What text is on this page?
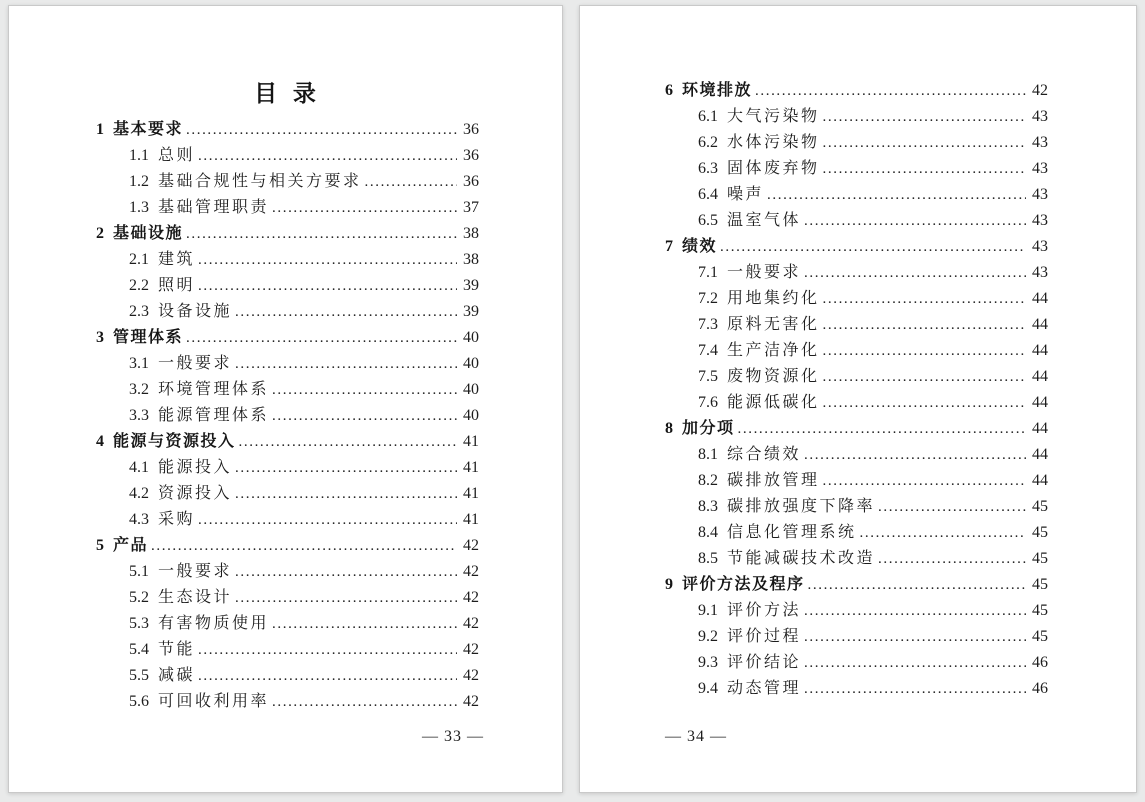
目 录
1 基本要求 .....	36
1.1 总则 .....	36
1.2 基础合规性与相关方要求 .....	36
1.3 基础管理职责 .....	37
2 基础设施 .....	38
2.1 建筑 .....	38
2.2 照明 .....	39
2.3 设备设施 .....	39
3 管理体系 .....	40
3.1 一般要求 .....	40
3.2 环境管理体系 .....	40
3.3 能源管理体系 .....	40
4 能源与资源投入 .....	41
4.1 能源投入 .....	41
4.2 资源投入 .....	41
4.3 采购 .....	41
5 产品 .....	42
5.1 一般要求 .....	42
5.2 生态设计 .....	42
5.3 有害物质使用 .....	42
5.4 节能 .....	42
5.5 减碳 .....	42
5.6 可回收利用率 .....	42
— 33 —
6 环境排放 .....	42
6.1 大气污染物 .....	43
6.2 水体污染物 .....	43
6.3 固体废弃物 .....	43
6.4 噪声 .....	43
6.5 温室气体 .....	43
7 绩效 .....	43
7.1 一般要求 .....	43
7.2 用地集约化 .....	44
7.3 原料无害化 .....	44
7.4 生产洁净化 .....	44
7.5 废物资源化 .....	44
7.6 能源低碳化 .....	44
8 加分项 .....	44
8.1 综合绩效 .....	44
8.2 碳排放管理 .....	44
8.3 碳排放强度下降率 .....	45
8.4 信息化管理系统 .....	45
8.5 节能减碳技术改造 .....	45
9 评价方法及程序 .....	45
9.1 评价方法 .....	45
9.2 评价过程 .....	45
9.3 评价结论 .....	46
9.4 动态管理 .....	46
— 34 —
